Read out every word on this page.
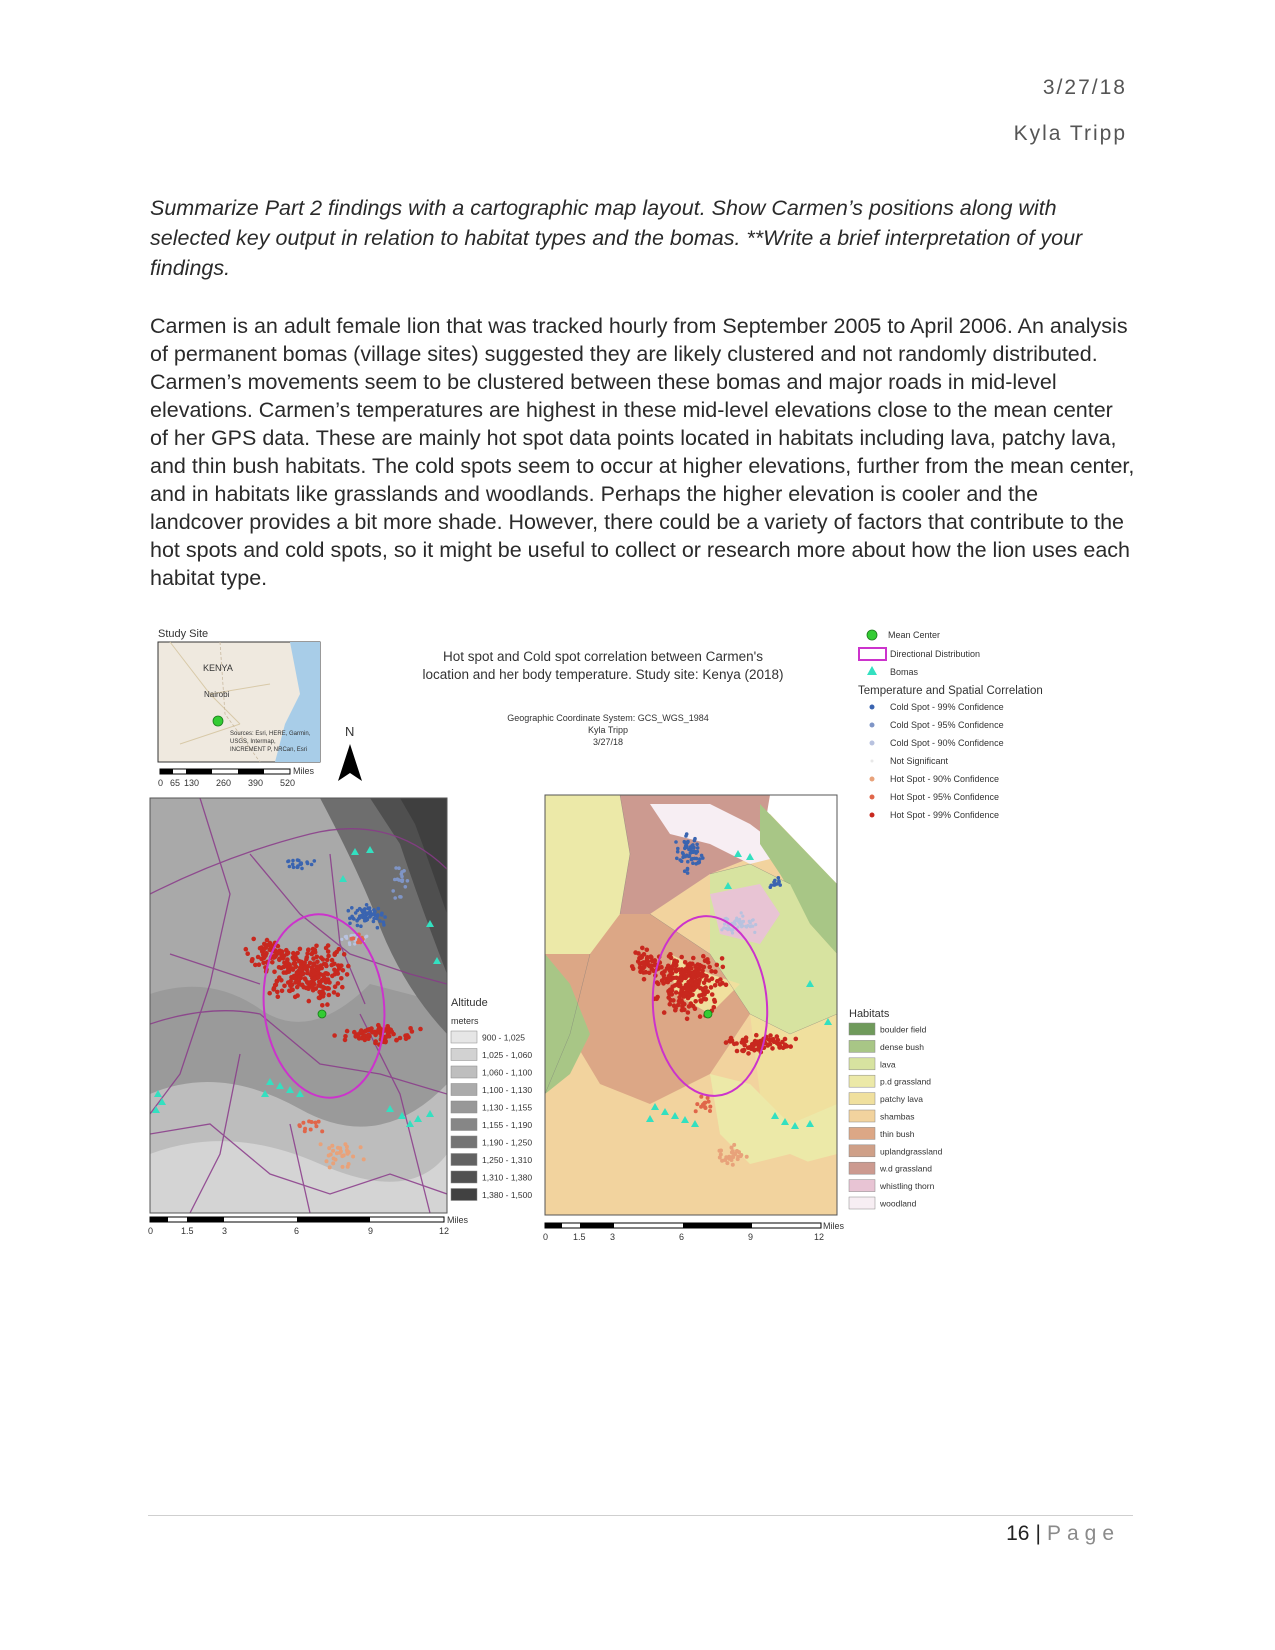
3/27/18
Kyla Tripp
Summarize Part 2 findings with a cartographic map layout. Show Carmen’s positions along with selected key output in relation to habitat types and the bomas. **Write a brief interpretation of your findings.
Carmen is an adult female lion that was tracked hourly from September 2005 to April 2006. An analysis of permanent bomas (village sites) suggested they are likely clustered and not randomly distributed. Carmen’s movements seem to be clustered between these bomas and major roads in mid-level elevations. Carmen’s temperatures are highest in these mid-level elevations close to the mean center of her GPS data. These are mainly hot spot data points located in habitats including lava, patchy lava, and thin bush habitats. The cold spots seem to occur at higher elevations, further from the mean center, and in habitats like grasslands and woodlands. Perhaps the higher elevation is cooler and the landcover provides a bit more shade. However, there could be a variety of factors that contribute to the hot spots and cold spots, so it might be useful to collect or research more about how the lion uses each habitat type.
Study Site
KENYA
Nairobi
Sources: Esri, HERE, Garmin,
USGS, Intermap,
INCREMENT P, NRCan, Esri
Miles
0 65 130 260 390 520
N
Hot spot and Cold spot correlation between Carmen's
location and her body temperature. Study site: Kenya (2018)
Geographic Coordinate System: GCS_WGS_1984
Kyla Tripp
3/27/18
Mean Center
Directional Distribution
Bomas
Temperature and Spatial Correlation
Cold Spot - 99% Confidence
Cold Spot - 95% Confidence
Cold Spot - 90% Confidence
Not Significant
Hot Spot - 90% Confidence
Hot Spot - 95% Confidence
Hot Spot - 99% Confidence
Altitude
meters
900 - 1,025
1,025 - 1,060
1,060 - 1,100
1,100 - 1,130
1,130 - 1,155
1,155 - 1,190
1,190 - 1,250
1,250 - 1,310
1,310 - 1,380
1,380 - 1,500
Miles
0	1.5	3	6	9	12
Habitats
boulder field
dense bush
lava
p.d grassland
patchy lava
shambas
thin bush
uplandgrassland
w.d grassland
whistling thorn
woodland
Miles
0	1.5	3	6	9	12
16 | Page
